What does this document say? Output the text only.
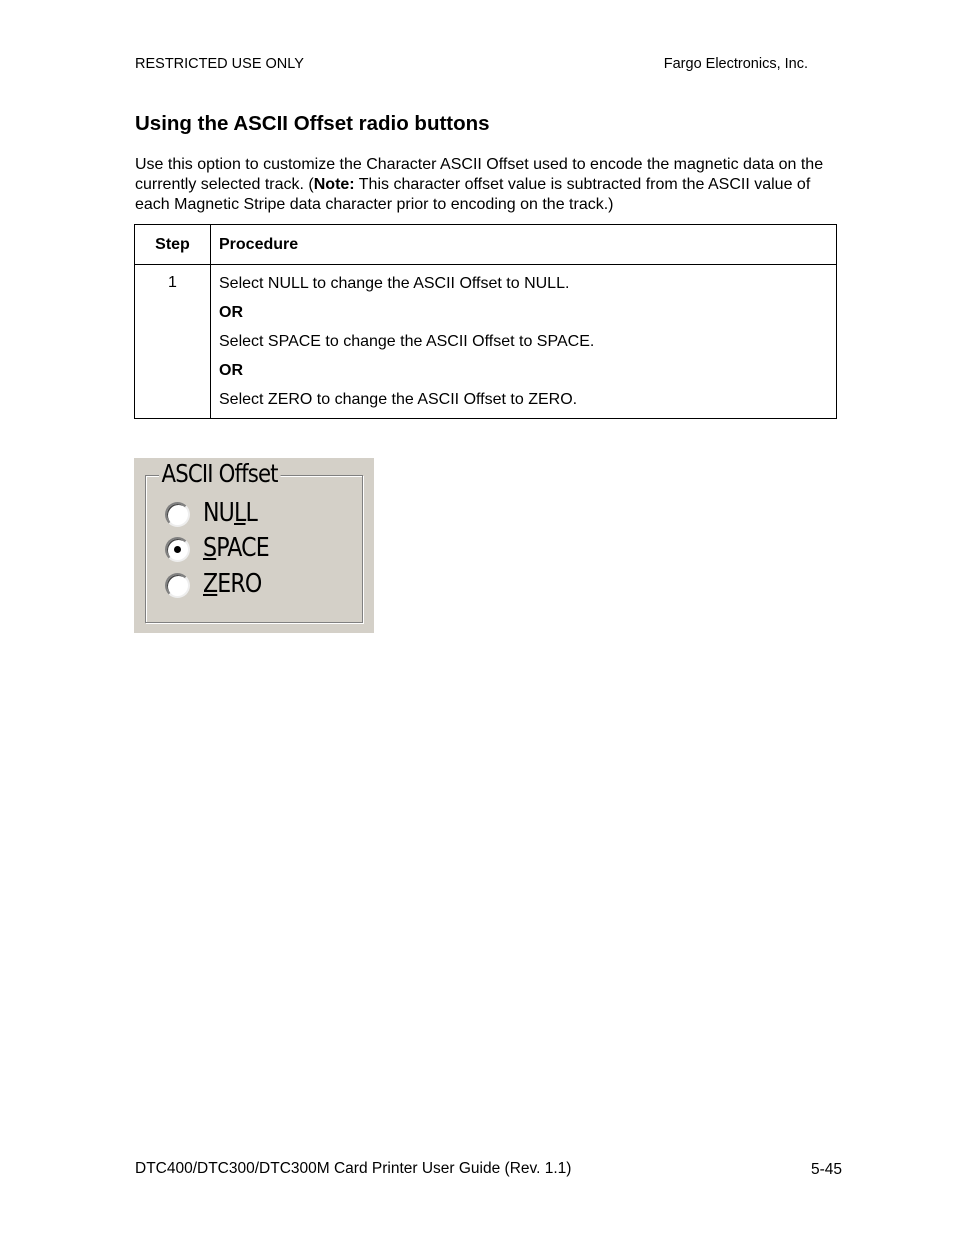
RESTRICTED USE ONLY	Fargo Electronics, Inc.
Using the ASCII Offset radio buttons
Use this option to customize the Character ASCII Offset used to encode the magnetic data on the currently selected track. (Note: This character offset value is subtracted from the ASCII value of each Magnetic Stripe data character prior to encoding on the track.)
Step	Procedure
1	Select NULL to change the ASCII Offset to NULL.
OR
Select SPACE to change the ASCII Offset to SPACE.
OR
Select ZERO to change the ASCII Offset to ZERO.
ASCII Offset
NULL
SPACE
ZERO
DTC400/DTC300/DTC300M Card Printer User Guide (Rev. 1.1)	5-45
